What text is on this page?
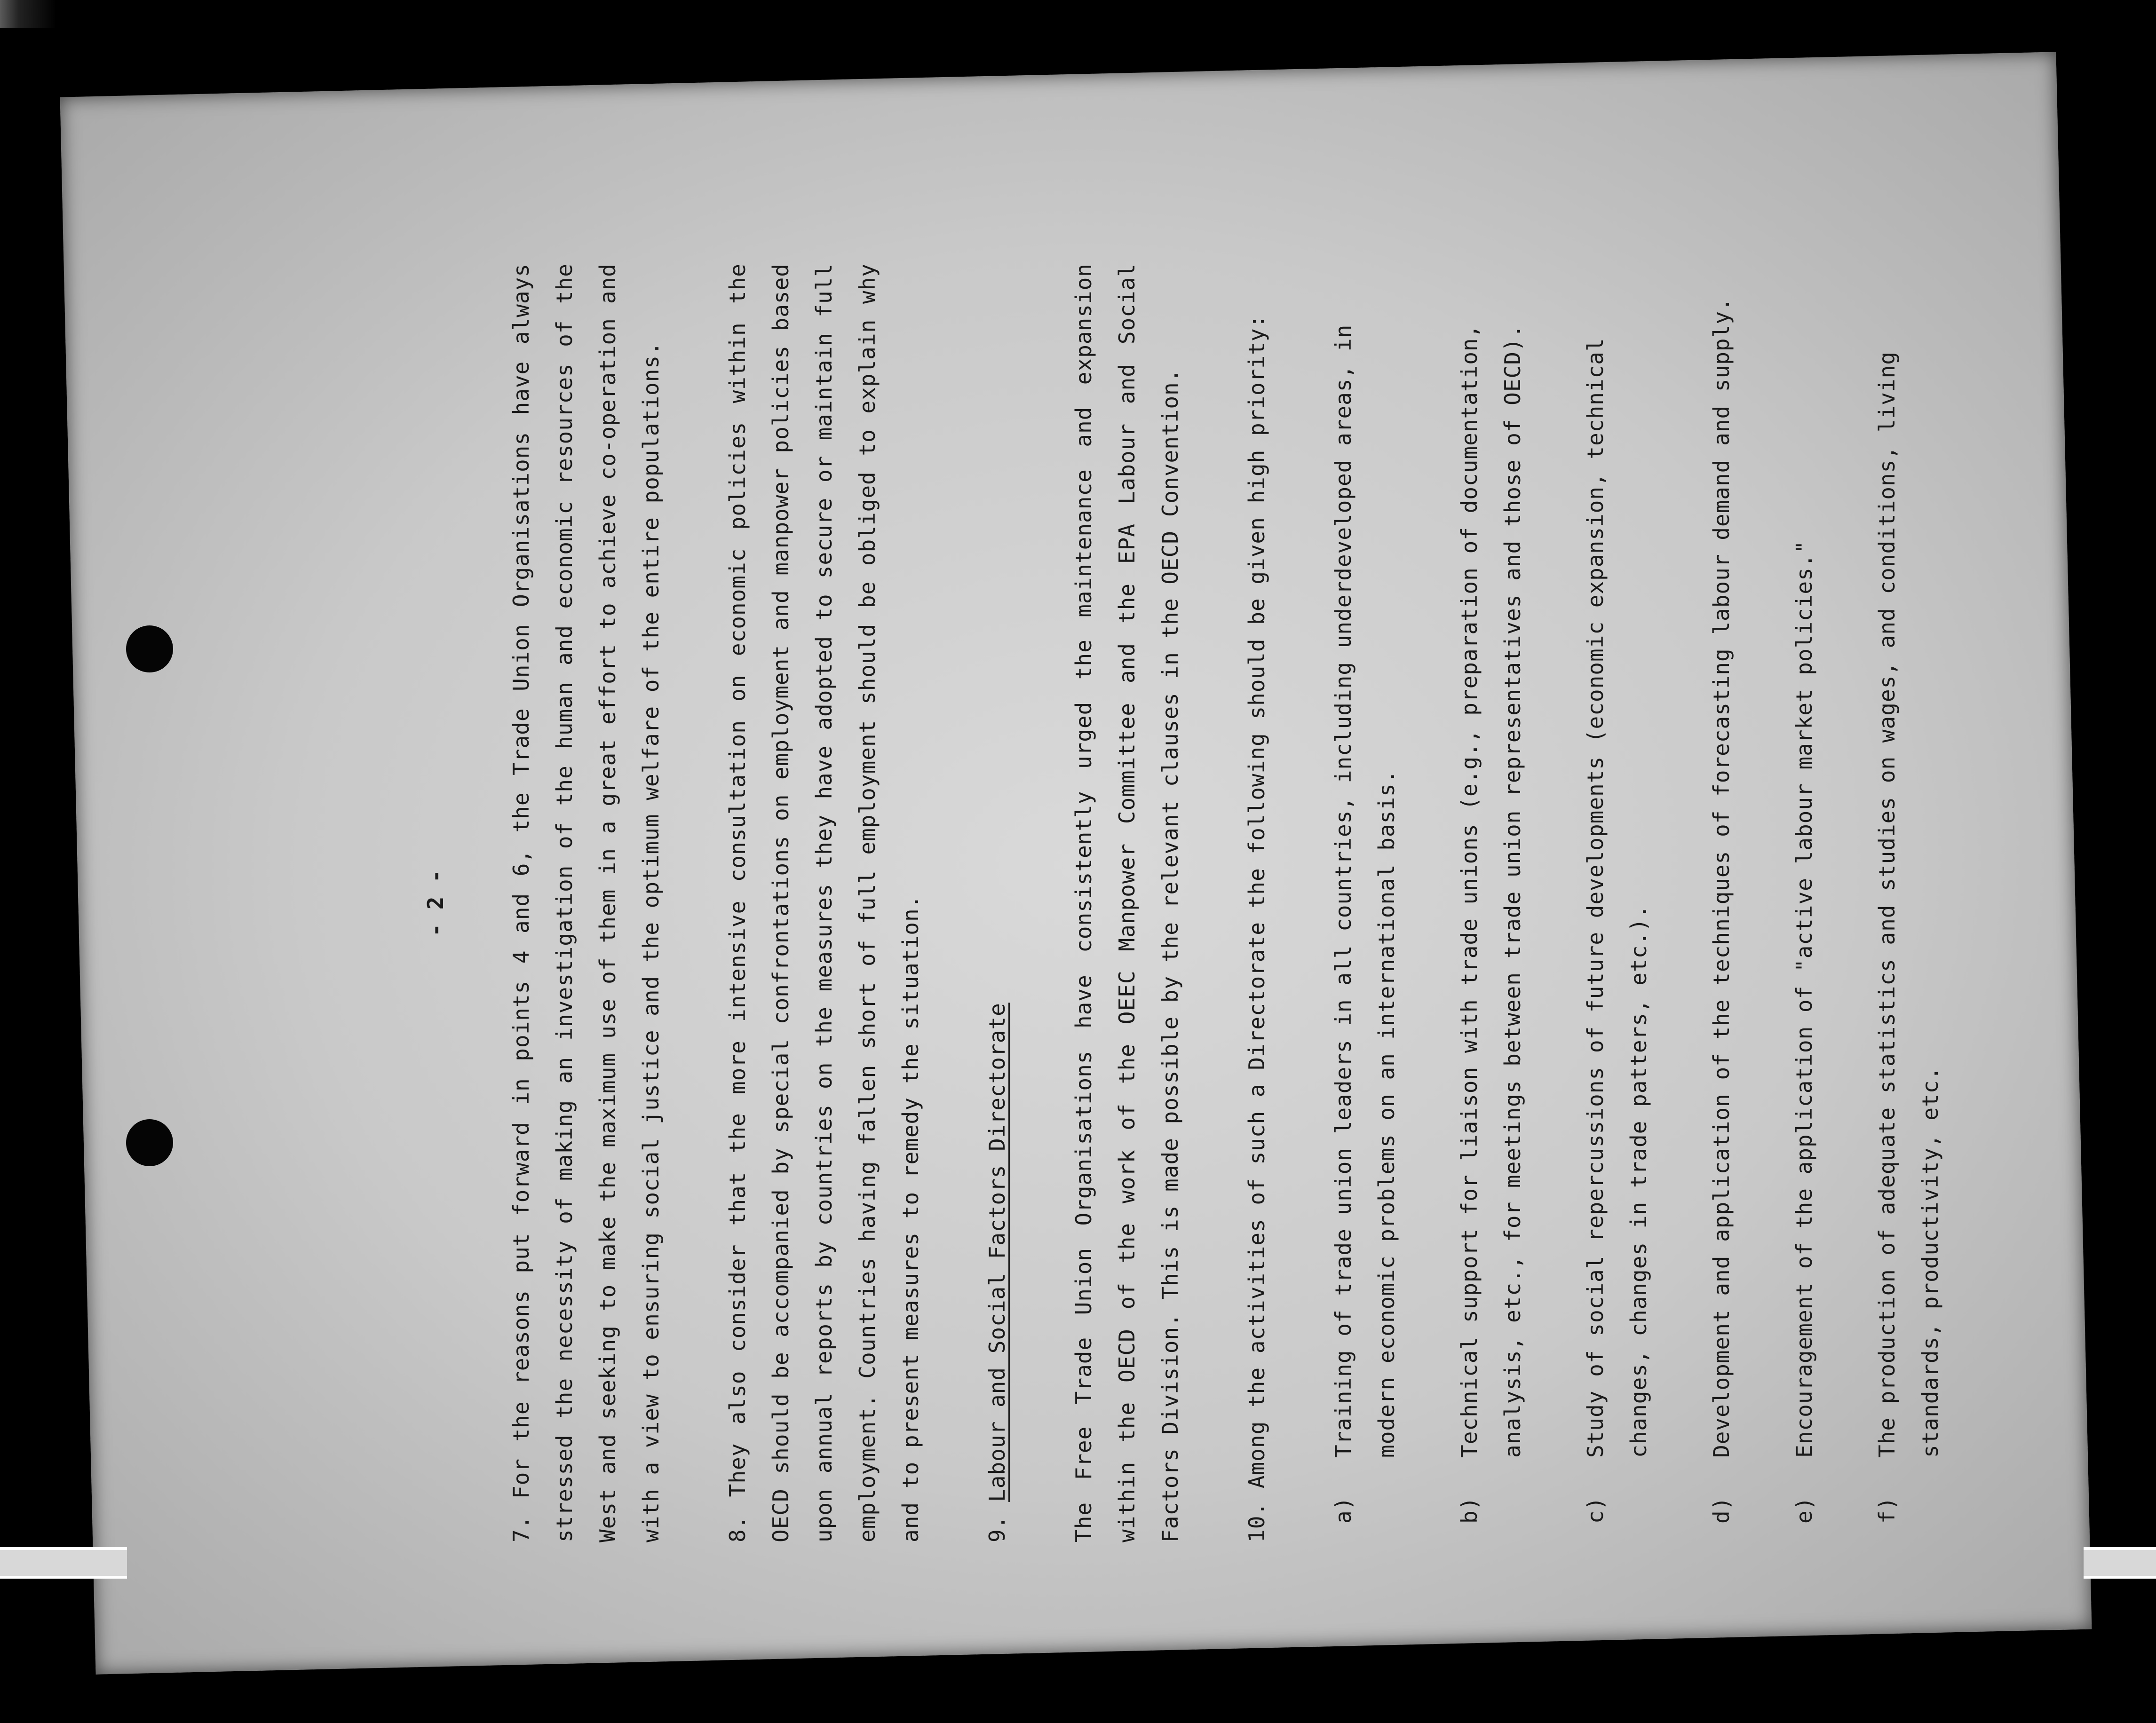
- 2 -

7. For the reasons put forward in points 4 and 6, the Trade Union Organisations have always stressed the necessity of making an investigation of the human and economic resources of the West and seeking to make the maximum use of them in a great effort to achieve co-operation and with a view to ensuring social justice and the optimum welfare of the entire populations.	8. They also consider that the more intensive consultation on economic policies within the OECD should be accompanied by special confrontations on employment and manpower policies based upon annual reports by countries on the measures they have adopted to secure or maintain full employment. Countries having fallen short of full employment should be obliged to explain why and to present measures to remedy the situation.	9. Labour and Social Factors Directorate	The Free Trade Union Organisations have consistently urged the maintenance and expansion within the OECD of the work of the OEEC Manpower Committee and the EPA Labour and Social Factors Division. This is made possible by the relevant clauses in the OECD Convention.	10. Among the activities of such a Directorate the following should be given high priority:

a)
Training of trade union leaders in all countries, including underdeveloped areas, in modern economic problems on an international basis.
b)
Technical support for liaison with trade unions (e.g., preparation of documentation, analysis, etc., for meetings between trade union representatives and those of OECD).
c)
Study of social repercussions of future developments (economic expansion, technical changes, changes in trade patters, etc.).
d)
Development and application of the techniques of forecasting labour demand and supply.
e)
Encouragement of the application of "active labour market policies."
f)
The production of adequate statistics and studies on wages, and conditions, living standards, productivity, etc.
